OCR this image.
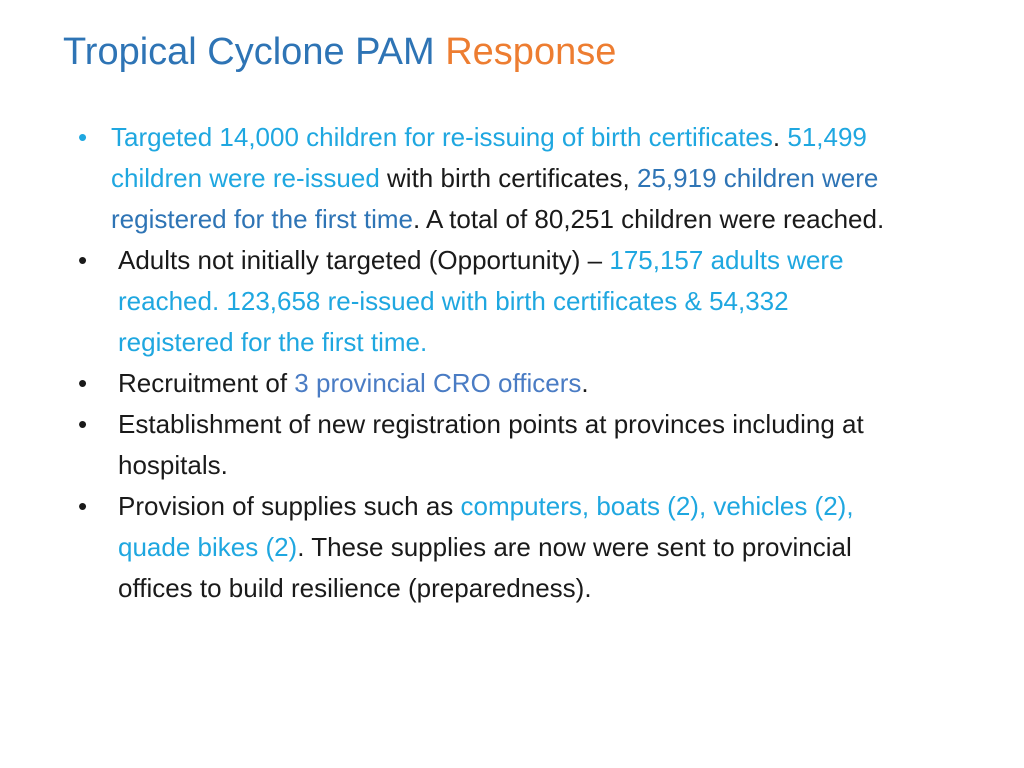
Tropical Cyclone PAM Response
• Targeted 14,000 children for re-issuing of birth certificates. 51,499 children were re-issued with birth certificates, 25,919 children were registered for the first time. A total of 80,251 children were reached.
• Adults not initially targeted (Opportunity) – 175,157 adults were reached. 123,658 re-issued with birth certificates & 54,332 registered for the first time.
• Recruitment of 3 provincial CRO officers.
• Establishment of new registration points at provinces including at hospitals.
• Provision of supplies such as computers, boats (2), vehicles (2), quade bikes (2). These supplies are now were sent to provincial offices to build resilience (preparedness).
